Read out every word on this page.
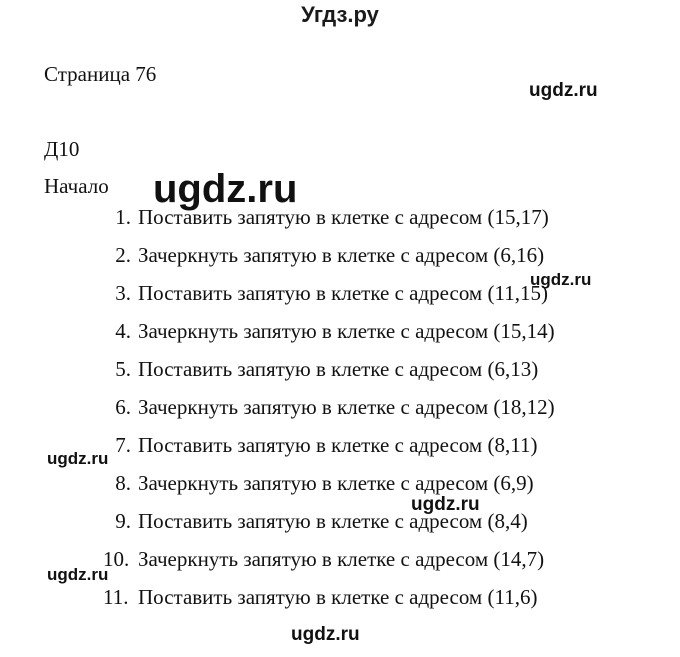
Угдз.ру
Страница 76
Д10
Начало
1. Поставить запятую в клетке с адресом (15,17)
2. Зачеркнуть запятую в клетке с адресом (6,16)
3. Поставить запятую в клетке с адресом (11,15)
4. Зачеркнуть запятую в клетке с адресом (15,14)
5. Поставить запятую в клетке с адресом (6,13)
6. Зачеркнуть запятую в клетке с адресом (18,12)
7. Поставить запятую в клетке с адресом (8,11)
8. Зачеркнуть запятую в клетке с адресом (6,9)
9. Поставить запятую в клетке с адресом (8,4)
10. Зачеркнуть запятую в клетке с адресом (14,7)
11. Поставить запятую в клетке с адресом (11,6)
ugdz.ru
ugdz.ru
ugdz.ru
ugdz.ru
ugdz.ru
ugdz.ru
ugdz.ru
